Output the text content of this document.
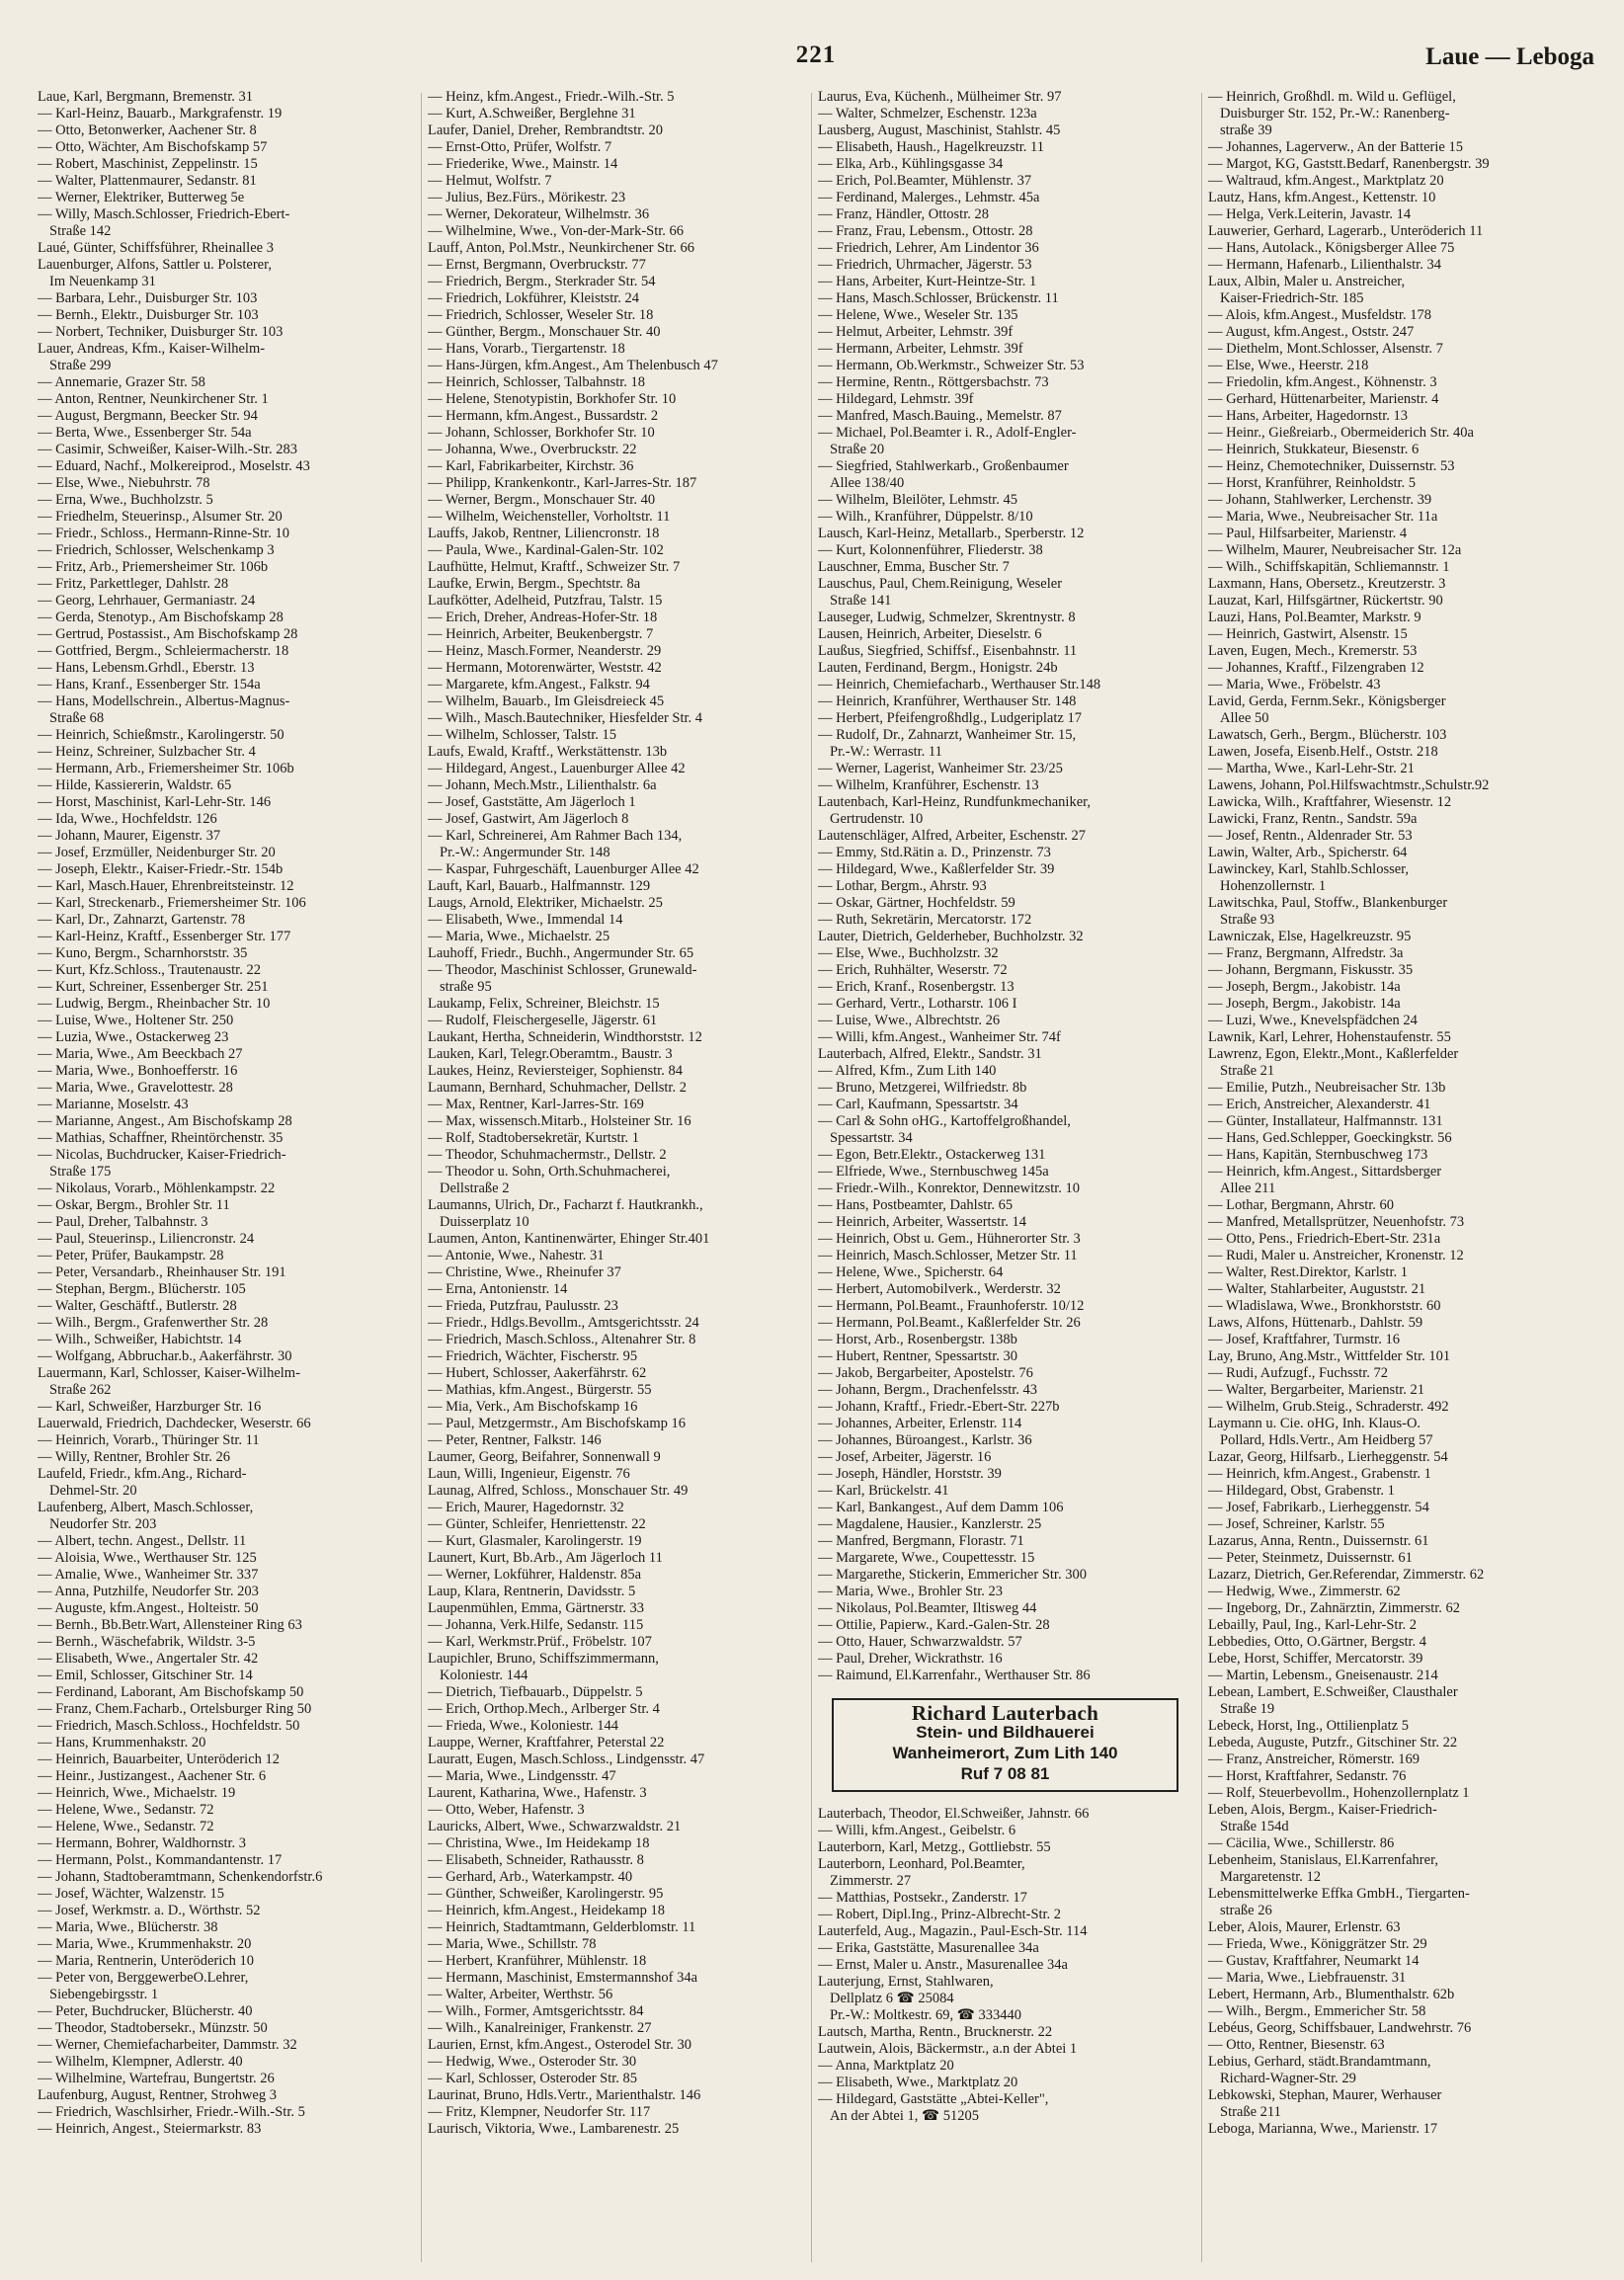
221	Laue — Leboga
Laue, Karl, Bergmann, Bremenstr. 31
— Karl-Heinz, Bauarb., Markgrafenstr. 19
— Otto, Betonwerker, Aachener Str. 8
— Otto, Wächter, Am Bischofskamp 57
— Robert, Maschinist, Zeppelinstr. 15
— Walter, Plattenmaurer, Sedanstr. 81
— Werner, Elektriker, Butterweg 5e
— Willy, Masch.Schlosser, Friedrich-Ebert-
Straße 142
Laué, Günter, Schiffsführer, Rheinallee 3
Lauenburger, Alfons, Sattler u. Polsterer,
Im Neuenkamp 31
— Barbara, Lehr., Duisburger Str. 103
— Bernh., Elektr., Duisburger Str. 103
— Norbert, Techniker, Duisburger Str. 103
Lauer, Andreas, Kfm., Kaiser-Wilhelm-
Straße 299
— Annemarie, Grazer Str. 58
— Anton, Rentner, Neunkirchener Str. 1
— August, Bergmann, Beecker Str. 94
— Berta, Wwe., Essenberger Str. 54a
— Casimir, Schweißer, Kaiser-Wilh.-Str. 283
— Eduard, Nachf., Molkereiprod., Moselstr. 43
— Else, Wwe., Niebuhrstr. 78
— Erna, Wwe., Buchholzstr. 5
— Friedhelm, Steuerinsp., Alsumer Str. 20
— Friedr., Schloss., Hermann-Rinne-Str. 10
— Friedrich, Schlosser, Welschenkamp 3
— Fritz, Arb., Priemersheimer Str. 106b
— Fritz, Parkettleger, Dahlstr. 28
— Georg, Lehrhauer, Germaniastr. 24
— Gerda, Stenotyp., Am Bischofskamp 28
— Gertrud, Postassist., Am Bischofskamp 28
— Gottfried, Bergm., Schleiermacherstr. 18
— Hans, Lebensm.Grhdl., Eberstr. 13
— Hans, Kranf., Essenberger Str. 154a
— Hans, Modellschrein., Albertus-Magnus-
Straße 68
— Heinrich, Schießmstr., Karolingerstr. 50
— Heinz, Schreiner, Sulzbacher Str. 4
— Hermann, Arb., Friemersheimer Str. 106b
— Hilde, Kassiererin, Waldstr. 65
— Horst, Maschinist, Karl-Lehr-Str. 146
— Ida, Wwe., Hochfeldstr. 126
— Johann, Maurer, Eigenstr. 37
— Josef, Erzmüller, Neidenburger Str. 20
— Joseph, Elektr., Kaiser-Friedr.-Str. 154b
— Karl, Masch.Hauer, Ehrenbreitsteinstr. 12
— Karl, Streckenarb., Friemersheimer Str. 106
— Karl, Dr., Zahnarzt, Gartenstr. 78
— Karl-Heinz, Kraftf., Essenberger Str. 177
— Kuno, Bergm., Scharnhorststr. 35
— Kurt, Kfz.Schloss., Trautenaustr. 22
— Kurt, Schreiner, Essenberger Str. 251
— Ludwig, Bergm., Rheinbacher Str. 10
— Luise, Wwe., Holtener Str. 250
— Luzia, Wwe., Ostackerweg 23
— Maria, Wwe., Am Beeckbach 27
— Maria, Wwe., Bonhoefferstr. 16
— Maria, Wwe., Gravelottestr. 28
— Marianne, Moselstr. 43
— Marianne, Angest., Am Bischofskamp 28
— Mathias, Schaffner, Rheintörchenstr. 35
— Nicolas, Buchdrucker, Kaiser-Friedrich-
Straße 175
— Nikolaus, Vorarb., Möhlenkampstr. 22
— Oskar, Bergm., Brohler Str. 11
— Paul, Dreher, Talbahnstr. 3
— Paul, Steuerinsp., Liliencronstr. 24
— Peter, Prüfer, Baukampstr. 28
— Peter, Versandarb., Rheinhauser Str. 191
— Stephan, Bergm., Blücherstr. 105
— Walter, Geschäftf., Butlerstr. 28
— Wilh., Bergm., Grafenwerther Str. 28
— Wilh., Schweißer, Habichtstr. 14
— Wolfgang, Abbruchar.b., Aakerfährstr. 30
Lauermann, Karl, Schlosser, Kaiser-Wilhelm-
Straße 262
— Karl, Schweißer, Harzburger Str. 16
Lauerwald, Friedrich, Dachdecker, Weserstr. 66
— Heinrich, Vorarb., Thüringer Str. 11
— Willy, Rentner, Brohler Str. 26
Laufeld, Friedr., kfm.Ang., Richard-
Dehmel-Str. 20
Laufenberg, Albert, Masch.Schlosser,
Neudorfer Str. 203
— Albert, techn. Angest., Dellstr. 11
— Aloisia, Wwe., Werthauser Str. 125
— Amalie, Wwe., Wanheimer Str. 337
— Anna, Putzhilfe, Neudorfer Str. 203
— Auguste, kfm.Angest., Holteistr. 50
— Bernh., Bb.Betr.Wart, Allensteiner Ring 63
— Bernh., Wäschefabrik, Wildstr. 3-5
— Elisabeth, Wwe., Angertaler Str. 42
— Emil, Schlosser, Gitschiner Str. 14
— Ferdinand, Laborant, Am Bischofskamp 50
— Franz, Chem.Facharb., Ortelsburger Ring 50
— Friedrich, Masch.Schloss., Hochfeldstr. 50
— Hans, Krummenhakstr. 20
— Heinrich, Bauarbeiter, Unteröderich 12
— Heinr., Justizangest., Aachener Str. 6
— Heinrich, Wwe., Michaelstr. 19
— Helene, Wwe., Sedanstr. 72
— Helene, Wwe., Sedanstr. 72
— Hermann, Bohrer, Waldhornstr. 3
— Hermann, Polst., Kommandantenstr. 17
— Johann, Stadtoberamtmann, Schenkendorfstr.6
— Josef, Wächter, Walzenstr. 15
— Josef, Werkmstr. a. D., Wörthstr. 52
— Maria, Wwe., Blücherstr. 38
— Maria, Wwe., Krummenhakstr. 20
— Maria, Rentnerin, Unteröderich 10
— Peter von, BerggewerbeO.Lehrer,
Siebengebirgsstr. 1
— Peter, Buchdrucker, Blücherstr. 40
— Theodor, Stadtobersekr., Münzstr. 50
— Werner, Chemiefacharbeiter, Dammstr. 32
— Wilhelm, Klempner, Adlerstr. 40
— Wilhelmine, Wartefrau, Bungertstr. 26
Laufenburg, August, Rentner, Strohweg 3
— Friedrich, Waschlsirher, Friedr.-Wilh.-Str. 5
— Heinrich, Angest., Steiermarkstr. 83
— Heinz, kfm.Angest., Friedr.-Wilh.-Str. 5
— Kurt, A.Schweißer, Berglehne 31
Laufer, Daniel, Dreher, Rembrandtstr. 20
— Ernst-Otto, Prüfer, Wolfstr. 7
— Friederike, Wwe., Mainstr. 14
— Helmut, Wolfstr. 7
— Julius, Bez.Fürs., Mörikestr. 23
— Werner, Dekorateur, Wilhelmstr. 36
— Wilhelmine, Wwe., Von-der-Mark-Str. 66
Lauff, Anton, Pol.Mstr., Neunkirchener Str. 66
— Ernst, Bergmann, Overbruckstr. 77
— Friedrich, Bergm., Sterkrader Str. 54
— Friedrich, Lokführer, Kleiststr. 24
— Friedrich, Schlosser, Weseler Str. 18
— Günther, Bergm., Monschauer Str. 40
— Hans, Vorarb., Tiergartenstr. 18
— Hans-Jürgen, kfm.Angest., Am Thelenbusch 47
— Heinrich, Schlosser, Talbahnstr. 18
— Helene, Stenotypistin, Borkhofer Str. 10
— Hermann, kfm.Angest., Bussardstr. 2
— Johann, Schlosser, Borkhofer Str. 10
— Johanna, Wwe., Overbruckstr. 22
— Karl, Fabrikarbeiter, Kirchstr. 36
— Philipp, Krankenkontr., Karl-Jarres-Str. 187
— Werner, Bergm., Monschauer Str. 40
— Wilhelm, Weichensteller, Vorholtstr. 11
Lauffs, Jakob, Rentner, Liliencronstr. 18
— Paula, Wwe., Kardinal-Galen-Str. 102
Laufhütte, Helmut, Kraftf., Schweizer Str. 7
Laufke, Erwin, Bergm., Spechtstr. 8a
Laufkötter, Adelheid, Putzfrau, Talstr. 15
— Erich, Dreher, Andreas-Hofer-Str. 18
— Heinrich, Arbeiter, Beukenbergstr. 7
— Heinz, Masch.Former, Neanderstr. 29
— Hermann, Motorenwärter, Weststr. 42
— Margarete, kfm.Angest., Falkstr. 94
— Wilhelm, Bauarb., Im Gleisdreieck 45
— Wilh., Masch.Bautechniker, Hiesfelder Str. 4
— Wilhelm, Schlosser, Talstr. 15
Laufs, Ewald, Kraftf., Werkstättenstr. 13b
— Hildegard, Angest., Lauenburger Allee 42
— Johann, Mech.Mstr., Lilienthalstr. 6a
— Josef, Gaststätte, Am Jägerloch 1
— Josef, Gastwirt, Am Jägerloch 8
— Karl, Schreinerei, Am Rahmer Bach 134,
Pr.-W.: Angermunder Str. 148
— Kaspar, Fuhrgeschäft, Lauenburger Allee 42
Lauft, Karl, Bauarb., Halfmannstr. 129
Laugs, Arnold, Elektriker, Michaelstr. 25
— Elisabeth, Wwe., Immendal 14
— Maria, Wwe., Michaelstr. 25
Lauhoff, Friedr., Buchh., Angermunder Str. 65
— Theodor, Maschinist Schlosser, Grunewald-
straße 95
Laukamp, Felix, Schreiner, Bleichstr. 15
— Rudolf, Fleischergeselle, Jägerstr. 61
Laukant, Hertha, Schneiderin, Windthorststr. 12
Lauken, Karl, Telegr.Oberamtm., Baustr. 3
Laukes, Heinz, Reviersteiger, Sophienstr. 84
Laumann, Bernhard, Schuhmacher, Dellstr. 2
— Max, Rentner, Karl-Jarres-Str. 169
— Max, wissensch.Mitarb., Holsteiner Str. 16
— Rolf, Stadtobersekretär, Kurtstr. 1
— Theodor, Schuhmachermstr., Dellstr. 2
— Theodor u. Sohn, Orth.Schuhmacherei,
Dellstraße 2
Laumanns, Ulrich, Dr., Facharzt f. Hautkrankh.,
Duisserplatz 10
Laumen, Anton, Kantinenwärter, Ehinger Str.401
— Antonie, Wwe., Nahestr. 31
— Christine, Wwe., Rheinufer 37
— Erna, Antonienstr. 14
— Frieda, Putzfrau, Paulusstr. 23
— Friedr., Hdlgs.Bevollm., Amtsgerichtsstr. 24
— Friedrich, Masch.Schloss., Altenahrer Str. 8
— Friedrich, Wächter, Fischerstr. 95
— Hubert, Schlosser, Aakerfährstr. 62
— Mathias, kfm.Angest., Bürgerstr. 55
— Mia, Verk., Am Bischofskamp 16
— Paul, Metzgermstr., Am Bischofskamp 16
— Peter, Rentner, Falkstr. 146
Laumer, Georg, Beifahrer, Sonnenwall 9
Laun, Willi, Ingenieur, Eigenstr. 76
Launag, Alfred, Schloss., Monschauer Str. 49
— Erich, Maurer, Hagedornstr. 32
— Günter, Schleifer, Henriettenstr. 22
— Kurt, Glasmaler, Karolingerstr. 19
Launert, Kurt, Bb.Arb., Am Jägerloch 11
— Werner, Lokführer, Haldenstr. 85a
Laup, Klara, Rentnerin, Davidsstr. 5
Laupenmühlen, Emma, Gärtnerstr. 33
— Johanna, Verk.Hilfe, Sedanstr. 115
— Karl, Werkmstr.Prüf., Fröbelstr. 107
Laupichler, Bruno, Schiffszimmermann,
Koloniestr. 144
— Dietrich, Tiefbauarb., Düppelstr. 5
— Erich, Orthop.Mech., Arlberger Str. 4
— Frieda, Wwe., Koloniestr. 144
Lauppe, Werner, Kraftfahrer, Peterstal 22
Lauratt, Eugen, Masch.Schloss., Lindgensstr. 47
— Maria, Wwe., Lindgensstr. 47
Laurent, Katharina, Wwe., Hafenstr. 3
— Otto, Weber, Hafenstr. 3
Lauricks, Albert, Wwe., Schwarzwaldstr. 21
— Christina, Wwe., Im Heidekamp 18
— Elisabeth, Schneider, Rathausstr. 8
— Gerhard, Arb., Waterkampstr. 40
— Günther, Schweißer, Karolingerstr. 95
— Heinrich, kfm.Angest., Heidekamp 18
— Heinrich, Stadtamtmann, Gelderblomstr. 11
— Maria, Wwe., Schillstr. 78
— Herbert, Kranführer, Mühlenstr. 18
— Hermann, Maschinist, Emstermannshof 34a
— Walter, Arbeiter, Werthstr. 56
— Wilh., Former, Amtsgerichtsstr. 84
— Wilh., Kanalreiniger, Frankenstr. 27
Laurien, Ernst, kfm.Angest., Osterodel Str. 30
— Hedwig, Wwe., Osteroder Str. 30
— Karl, Schlosser, Osteroder Str. 85
Laurinat, Bruno, Hdls.Vertr., Marienthalstr. 146
— Fritz, Klempner, Neudorfer Str. 117
Laurisch, Viktoria, Wwe., Lambarenestr. 25
Laurus, Eva, Küchenh., Mülheimer Str. 97
— Walter, Schmelzer, Eschenstr. 123a
Lausberg, August, Maschinist, Stahlstr. 45
— Elisabeth, Haush., Hagelkreuzstr. 11
— Elka, Arb., Kühlingsgasse 34
— Erich, Pol.Beamter, Mühlenstr. 37
— Ferdinand, Malerges., Lehmstr. 45a
— Franz, Händler, Ottostr. 28
— Franz, Frau, Lebensm., Ottostr. 28
— Friedrich, Lehrer, Am Lindentor 36
— Friedrich, Uhrmacher, Jägerstr. 53
— Hans, Arbeiter, Kurt-Heintze-Str. 1
— Hans, Masch.Schlosser, Brückenstr. 11
— Helene, Wwe., Weseler Str. 135
— Helmut, Arbeiter, Lehmstr. 39f
— Hermann, Arbeiter, Lehmstr. 39f
— Hermann, Ob.Werkmstr., Schweizer Str. 53
— Hermine, Rentn., Röttgersbachstr. 73
— Hildegard, Lehmstr. 39f
— Manfred, Masch.Bauing., Memelstr. 87
— Michael, Pol.Beamter i. R., Adolf-Engler-
Straße 20
— Siegfried, Stahlwerkarb., Großenbaumer
Allee 138/40
— Wilhelm, Bleilöter, Lehmstr. 45
— Wilh., Kranführer, Düppelstr. 8/10
Lausch, Karl-Heinz, Metallarb., Sperberstr. 12
— Kurt, Kolonnenführer, Fliederstr. 38
Lauschner, Emma, Buscher Str. 7
Lauschus, Paul, Chem.Reinigung, Weseler
Straße 141
Lauseger, Ludwig, Schmelzer, Skrentnystr. 8
Lausen, Heinrich, Arbeiter, Dieselstr. 6
Laußus, Siegfried, Schiffsf., Eisenbahnstr. 11
Lauten, Ferdinand, Bergm., Honigstr. 24b
— Heinrich, Chemiefacharb., Werthauser Str.148
— Heinrich, Kranführer, Werthauser Str. 148
— Herbert, Pfeifengroßhdlg., Ludgeriplatz 17
— Rudolf, Dr., Zahnarzt, Wanheimer Str. 15,
Pr.-W.: Werrastr. 11
— Werner, Lagerist, Wanheimer Str. 23/25
— Wilhelm, Kranführer, Eschenstr. 13
Lautenbach, Karl-Heinz, Rundfunkmechaniker,
Gertrudenstr. 10
Lautenschläger, Alfred, Arbeiter, Eschenstr. 27
— Emmy, Std.Rätin a. D., Prinzenstr. 73
— Hildegard, Wwe., Kaßlerfelder Str. 39
— Lothar, Bergm., Ahrstr. 93
— Oskar, Gärtner, Hochfeldstr. 59
— Ruth, Sekretärin, Mercatorstr. 172
Lauter, Dietrich, Gelderheber, Buchholzstr. 32
— Else, Wwe., Buchholzstr. 32
— Erich, Ruhhälter, Weserstr. 72
— Erich, Kranf., Rosenbergstr. 13
— Gerhard, Vertr., Lotharstr. 106 I
— Luise, Wwe., Albrechtstr. 26
— Willi, kfm.Angest., Wanheimer Str. 74f
Lauterbach, Alfred, Elektr., Sandstr. 31
— Alfred, Kfm., Zum Lith 140
— Bruno, Metzgerei, Wilfriedstr. 8b
— Carl, Kaufmann, Spessartstr. 34
— Carl & Sohn oHG., Kartoffelgroßhandel,
Spessartstr. 34
— Egon, Betr.Elektr., Ostackerweg 131
— Elfriede, Wwe., Sternbuschweg 145a
— Friedr.-Wilh., Konrektor, Dennewitzstr. 10
— Hans, Postbeamter, Dahlstr. 65
— Heinrich, Arbeiter, Wassertstr. 14
— Heinrich, Obst u. Gem., Hühnerorter Str. 3
— Heinrich, Masch.Schlosser, Metzer Str. 11
— Helene, Wwe., Spicherstr. 64
— Herbert, Automobilverk., Werderstr. 32
— Hermann, Pol.Beamt., Fraunhoferstr. 10/12
— Hermann, Pol.Beamt., Kaßlerfelder Str. 26
— Horst, Arb., Rosenbergstr. 138b
— Hubert, Rentner, Spessartstr. 30
— Jakob, Bergarbeiter, Apostelstr. 76
— Johann, Bergm., Drachenfelsstr. 43
— Johann, Kraftf., Friedr.-Ebert-Str. 227b
— Johannes, Arbeiter, Erlenstr. 114
— Johannes, Büroangest., Karlstr. 36
— Josef, Arbeiter, Jägerstr. 16
— Joseph, Händler, Horststr. 39
— Karl, Brückelstr. 41
— Karl, Bankangest., Auf dem Damm 106
— Magdalene, Hausier., Kanzlerstr. 25
— Manfred, Bergmann, Florastr. 71
— Margarete, Wwe., Coupettesstr. 15
— Margarethe, Stickerin, Emmericher Str. 300
— Maria, Wwe., Brohler Str. 23
— Nikolaus, Pol.Beamter, Iltisweg 44
— Ottilie, Papierw., Kard.-Galen-Str. 28
— Otto, Hauer, Schwarzwaldstr. 57
— Paul, Dreher, Wickrathstr. 16
— Raimund, El.Karrenfahr., Werthauser Str. 86
Richard Lauterbach
Stein- und Bildhauerei
Wanheimerort, Zum Lith 140
Ruf 7 08 81
Lauterbach, Theodor, El.Schweißer, Jahnstr. 66
— Willi, kfm.Angest., Geibelstr. 6
Lauterborn, Karl, Metzg., Gottliebstr. 55
Lauterborn, Leonhard, Pol.Beamter,
Zimmerstr. 27
— Matthias, Postsekr., Zanderstr. 17
— Robert, Dipl.Ing., Prinz-Albrecht-Str. 2
Lauterfeld, Aug., Magazin., Paul-Esch-Str. 114
— Erika, Gaststätte, Masurenallee 34a
— Ernst, Maler u. Anstr., Masurenallee 34a
Lauterjung, Ernst, Stahlwaren,
Dellplatz 6 ☎ 25084
Pr.-W.: Moltkestr. 69, ☎ 333440
Lautsch, Martha, Rentn., Brucknerstr. 22
Lautwein, Alois, Bäckermstr., a.n der Abtei 1
— Anna, Marktplatz 20
— Elisabeth, Wwe., Marktplatz 20
— Hildegard, Gaststätte „Abtei-Keller",
An der Abtei 1, ☎ 51205
— Heinrich, Großhdl. m. Wild u. Geflügel,
Duisburger Str. 152, Pr.-W.: Ranenberg-
straße 39
— Johannes, Lagerverw., An der Batterie 15
— Margot, KG, Gaststt.Bedarf, Ranenbergstr. 39
— Waltraud, kfm.Angest., Marktplatz 20
Lautz, Hans, kfm.Angest., Kettenstr. 10
— Helga, Verk.Leiterin, Javastr. 14
Lauwerier, Gerhard, Lagerarb., Unteröderich 11
— Hans, Autolack., Königsberger Allee 75
— Hermann, Hafenarb., Lilienthalstr. 34
Laux, Albin, Maler u. Anstreicher,
Kaiser-Friedrich-Str. 185
— Alois, kfm.Angest., Musfeldstr. 178
— August, kfm.Angest., Oststr. 247
— Diethelm, Mont.Schlosser, Alsenstr. 7
— Else, Wwe., Heerstr. 218
— Friedolin, kfm.Angest., Köhnenstr. 3
— Gerhard, Hüttenarbeiter, Marienstr. 4
— Hans, Arbeiter, Hagedornstr. 13
— Heinr., Gießreiarb., Obermeiderich Str. 40a
— Heinrich, Stukkateur, Biesenstr. 6
— Heinz, Chemotechniker, Duissernstr. 53
— Horst, Kranführer, Reinholdstr. 5
— Johann, Stahlwerker, Lerchenstr. 39
— Maria, Wwe., Neubreisacher Str. 11a
— Paul, Hilfsarbeiter, Marienstr. 4
— Wilhelm, Maurer, Neubreisacher Str. 12a
— Wilh., Schiffskapitän, Schliemannstr. 1
Laxmann, Hans, Obersetz., Kreutzerstr. 3
Lauzat, Karl, Hilfsgärtner, Rückertstr. 90
Lauzi, Hans, Pol.Beamter, Markstr. 9
— Heinrich, Gastwirt, Alsenstr. 15
Laven, Eugen, Mech., Kremerstr. 53
— Johannes, Kraftf., Filzengraben 12
— Maria, Wwe., Fröbelstr. 43
Lavid, Gerda, Fernm.Sekr., Königsberger
Allee 50
Lawatsch, Gerh., Bergm., Blücherstr. 103
Lawen, Josefa, Eisenb.Helf., Oststr. 218
— Martha, Wwe., Karl-Lehr-Str. 21
Lawens, Johann, Pol.Hilfswachtmstr.,Schulstr.92
Lawicka, Wilh., Kraftfahrer, Wiesenstr. 12
Lawicki, Franz, Rentn., Sandstr. 59a
— Josef, Rentn., Aldenrader Str. 53
Lawin, Walter, Arb., Spicherstr. 64
Lawinckey, Karl, Stahlb.Schlosser,
Hohenzollernstr. 1
Lawitschka, Paul, Stoffw., Blankenburger
Straße 93
Lawniczak, Else, Hagelkreuzstr. 95
— Franz, Bergmann, Alfredstr. 3a
— Johann, Bergmann, Fiskusstr. 35
— Joseph, Bergm., Jakobistr. 14a
— Joseph, Bergm., Jakobistr. 14a
— Luzi, Wwe., Knevelspfädchen 24
Lawnik, Karl, Lehrer, Hohenstaufenstr. 55
Lawrenz, Egon, Elektr.,Mont., Kaßlerfelder
Straße 21
— Emilie, Putzh., Neubreisacher Str. 13b
— Erich, Anstreicher, Alexanderstr. 41
— Günter, Installateur, Halfmannstr. 131
— Hans, Ged.Schlepper, Goeckingkstr. 56
— Hans, Kapitän, Sternbuschweg 173
— Heinrich, kfm.Angest., Sittardsberger
Allee 211
— Lothar, Bergmann, Ahrstr. 60
— Manfred, Metallsprützer, Neuenhofstr. 73
— Otto, Pens., Friedrich-Ebert-Str. 231a
— Rudi, Maler u. Anstreicher, Kronenstr. 12
— Walter, Rest.Direktor, Karlstr. 1
— Walter, Stahlarbeiter, Auguststr. 21
— Wladislawa, Wwe., Bronkhorststr. 60
Laws, Alfons, Hüttenarb., Dahlstr. 59
— Josef, Kraftfahrer, Turmstr. 16
Lay, Bruno, Ang.Mstr., Wittfelder Str. 101
— Rudi, Aufzugf., Fuchsstr. 72
— Walter, Bergarbeiter, Marienstr. 21
— Wilhelm, Grub.Steig., Schraderstr. 492
Laymann u. Cie. oHG, Inh. Klaus-O.
Pollard, Hdls.Vertr., Am Heidberg 57
Lazar, Georg, Hilfsarb., Lierheggenstr. 54
— Heinrich, kfm.Angest., Grabenstr. 1
— Hildegard, Obst, Grabenstr. 1
— Josef, Fabrikarb., Lierheggenstr. 54
— Josef, Schreiner, Karlstr. 55
Lazarus, Anna, Rentn., Duissernstr. 61
— Peter, Steinmetz, Duissernstr. 61
Lazarz, Dietrich, Ger.Referendar, Zimmerstr. 62
— Hedwig, Wwe., Zimmerstr. 62
— Ingeborg, Dr., Zahnärztin, Zimmerstr. 62
Lebailly, Paul, Ing., Karl-Lehr-Str. 2
Lebbedies, Otto, O.Gärtner, Bergstr. 4
Lebe, Horst, Schiffer, Mercatorstr. 39
— Martin, Lebensm., Gneisenaustr. 214
Lebean, Lambert, E.Schweißer, Clausthaler
Straße 19
Lebeck, Horst, Ing., Ottilienplatz 5
Lebeda, Auguste, Putzfr., Gitschiner Str. 22
— Franz, Anstreicher, Römerstr. 169
— Horst, Kraftfahrer, Sedanstr. 76
— Rolf, Steuerbevollm., Hohenzollernplatz 1
Leben, Alois, Bergm., Kaiser-Friedrich-
Straße 154d
— Cäcilia, Wwe., Schillerstr. 86
Lebenheim, Stanislaus, El.Karrenfahrer,
Margaretenstr. 12
Lebensmittelwerke Effka GmbH., Tiergarten-
straße 26
Leber, Alois, Maurer, Erlenstr. 63
— Frieda, Wwe., Königgrätzer Str. 29
— Gustav, Kraftfahrer, Neumarkt 14
— Maria, Wwe., Liebfrauenstr. 31
Lebert, Hermann, Arb., Blumenthalstr. 62b
— Wilh., Bergm., Emmericher Str. 58
Lebéus, Georg, Schiffsbauer, Landwehrstr. 76
— Otto, Rentner, Biesenstr. 63
Lebius, Gerhard, städt.Brandamtmann,
Richard-Wagner-Str. 29
Lebkowski, Stephan, Maurer, Werhauser
Straße 211
Leboga, Marianna, Wwe., Marienstr. 17
